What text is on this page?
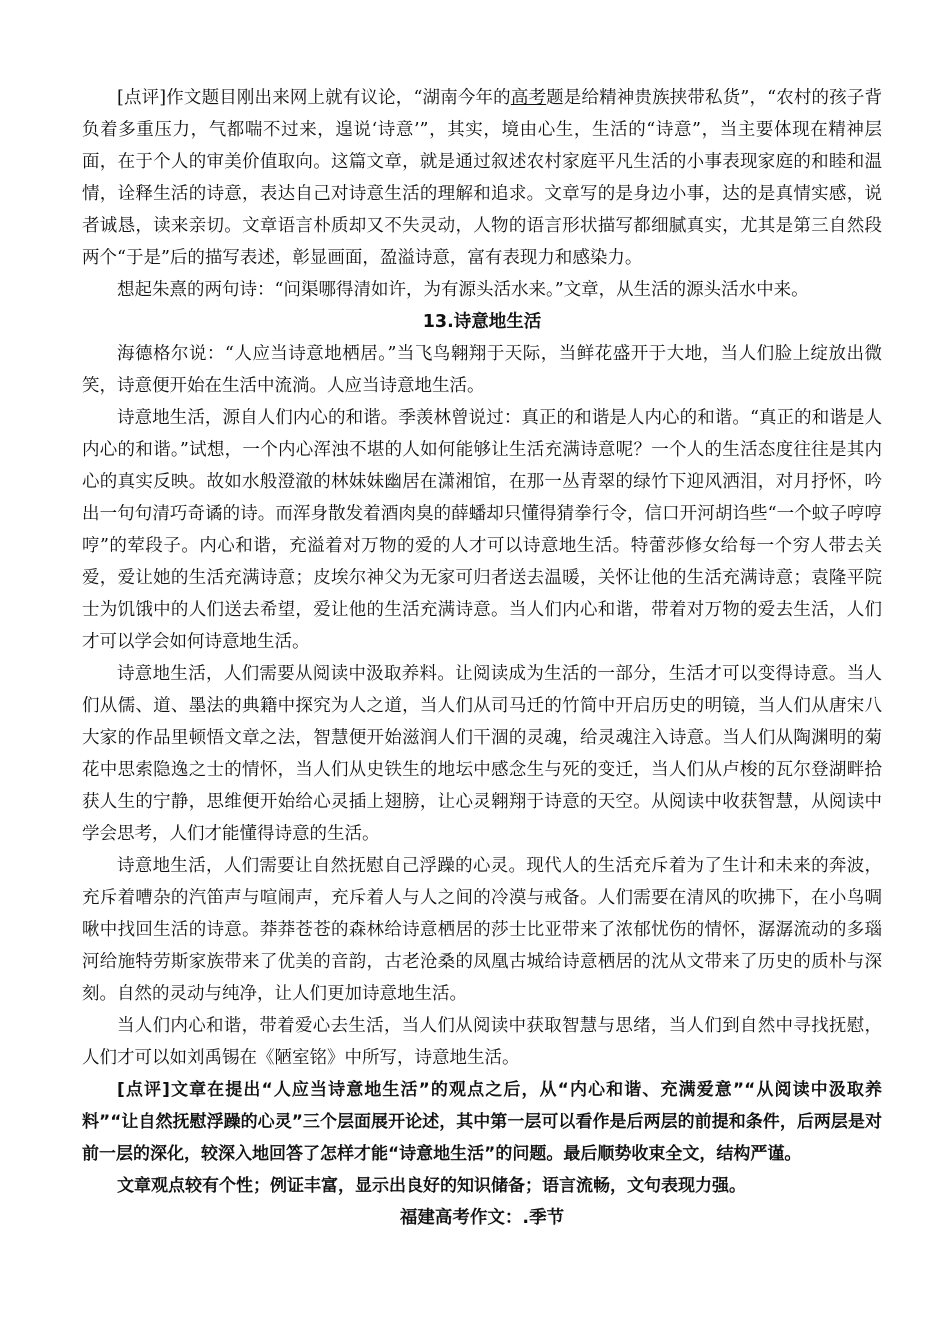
[点评]作文题目刚出来网上就有议论，“湖南今年的高考题是给精神贵族挟带私货”，“农村的孩子背负着多重压力，气都喘不过来，遑说‘诗意’”，其实，境由心生，生活的“诗意”，当主要体现在精神层面，在于个人的审美价值取向。这篇文章，就是通过叙述农村家庭平凡生活的小事表现家庭的和睦和温情，诠释生活的诗意，表达自己对诗意生活的理解和追求。文章写的是身边小事，达的是真情实感，说者诚恳，读来亲切。文章语言朴质却又不失灵动，人物的语言形状描写都细腻真实，尤其是第三自然段两个“于是”后的描写表述，彰显画面，盈溢诗意，富有表现力和感染力。

想起朱熹的两句诗：“问渠哪得清如许，为有源头活水来。”文章，从生活的源头活水中来。

13.诗意地生活

海德格尔说：“人应当诗意地栖居。”当飞鸟翱翔于天际，当鲜花盛开于大地，当人们脸上绽放出微笑，诗意便开始在生活中流淌。人应当诗意地生活。

诗意地生活，源自人们内心的和谐。季羡林曾说过：真正的和谐是人内心的和谐。“真正的和谐是人内心的和谐。”试想，一个内心浑浊不堪的人如何能够让生活充满诗意呢？一个人的生活态度往往是其内心的真实反映。故如水般澄澈的林妹妹幽居在潇湘馆，在那一丛青翠的绿竹下迎风洒泪，对月抒怀，吟出一句句清巧奇谲的诗。而浑身散发着酒肉臭的薛蟠却只懂得猜拳行令，信口开河胡诌些“一个蚊子哼哼哼”的荤段子。内心和谐，充溢着对万物的爱的人才可以诗意地生活。特蕾莎修女给每一个穷人带去关爱，爱让她的生活充满诗意；皮埃尔神父为无家可归者送去温暖，关怀让他的生活充满诗意；袁隆平院士为饥饿中的人们送去希望，爱让他的生活充满诗意。当人们内心和谐，带着对万物的爱去生活，人们才可以学会如何诗意地生活。

诗意地生活，人们需要从阅读中汲取养料。让阅读成为生活的一部分，生活才可以变得诗意。当人们从儒、道、墨法的典籍中探究为人之道，当人们从司马迁的竹简中开启历史的明镜，当人们从唐宋八大家的作品里顿悟文章之法，智慧便开始滋润人们干涸的灵魂，给灵魂注入诗意。当人们从陶渊明的菊花中思索隐逸之士的情怀，当人们从史铁生的地坛中感念生与死的变迁，当人们从卢梭的瓦尔登湖畔拾获人生的宁静，思维便开始给心灵插上翅膀，让心灵翱翔于诗意的天空。从阅读中收获智慧，从阅读中学会思考，人们才能懂得诗意的生活。

诗意地生活，人们需要让自然抚慰自己浮躁的心灵。现代人的生活充斥着为了生计和未来的奔波，充斥着嘈杂的汽笛声与喧闹声，充斥着人与人之间的冷漠与戒备。人们需要在清风的吹拂下，在小鸟啁啾中找回生活的诗意。莽莽苍苍的森林给诗意栖居的莎士比亚带来了浓郁忧伤的情怀，潺潺流动的多瑙河给施特劳斯家族带来了优美的音韵，古老沧桑的凤凰古城给诗意栖居的沈从文带来了历史的质朴与深刻。自然的灵动与纯净，让人们更加诗意地生活。

当人们内心和谐，带着爱心去生活，当人们从阅读中获取智慧与思绪，当人们到自然中寻找抚慰，人们才可以如刘禹锡在《陋室铭》中所写，诗意地生活。

[点评]文章在提出“人应当诗意地生活”的观点之后，从“内心和谐、充满爱意”“从阅读中汲取养料”“让自然抚慰浮躁的心灵”三个层面展开论述，其中第一层可以看作是后两层的前提和条件，后两层是对前一层的深化，较深入地回答了怎样才能“诗意地生活”的问题。最后顺势收束全文，结构严谨。

文章观点较有个性；例证丰富，显示出良好的知识储备；语言流畅，文句表现力强。

福建高考作文：.季节
